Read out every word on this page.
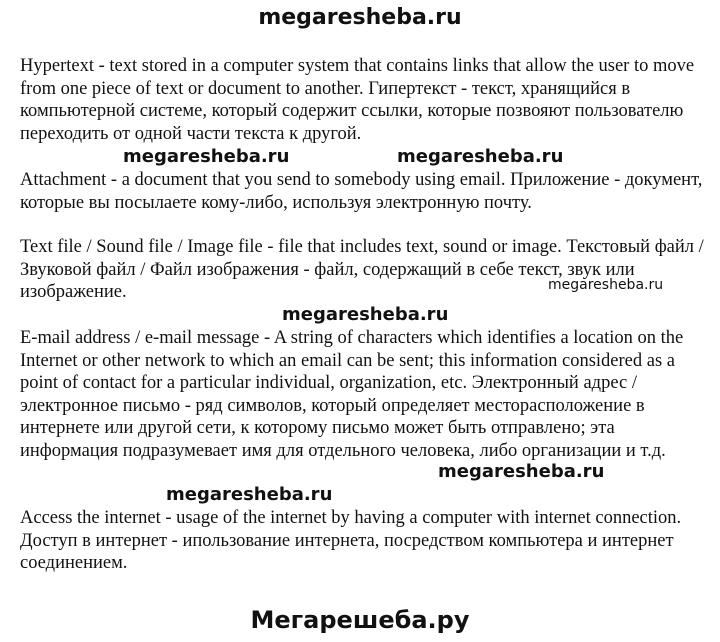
megaresheba.ru

Hypertext - text stored in a computer system that contains links that allow the user to move from one piece of text or document to another. Гипертекст - текст, хранящийся в компьютерной системе, который содержит ссылки, которые позвояют пользователю переходить от одной части текста к другой.

megaresheba.ru	megaresheba.ru

Attachment - a document that you send to somebody using email. Приложение - документ, которые вы посылаете кому-либо, используя электронную почту.

Text file / Sound file / Image file - file that includes text, sound or image. Текстовый файл / Звуковой файл / Файл изображения - файл, содержащий в себе текст, звук или изображение.	megaresheba.ru
megaresheba.ru

E-mail address / e-mail message - A string of characters which identifies a location on the Internet or other network to which an email can be sent; this information considered as a point of contact for a particular individual, organization, etc. Электронный адрес / электронное письмо - ряд символов, который определяет месторасположение в интернете или другой сети, к которому письмо может быть отправлено; эта информация подразумевает имя для отдельного человека, либо организации и т.д.

megaresheba.ru
megaresheba.ru

Access the internet - usage of the internet by having a computer with internet connection. Доступ в интернет - ипользование интернета, посредством компьютера и интернет соединением.

Мегарешеба.ру
